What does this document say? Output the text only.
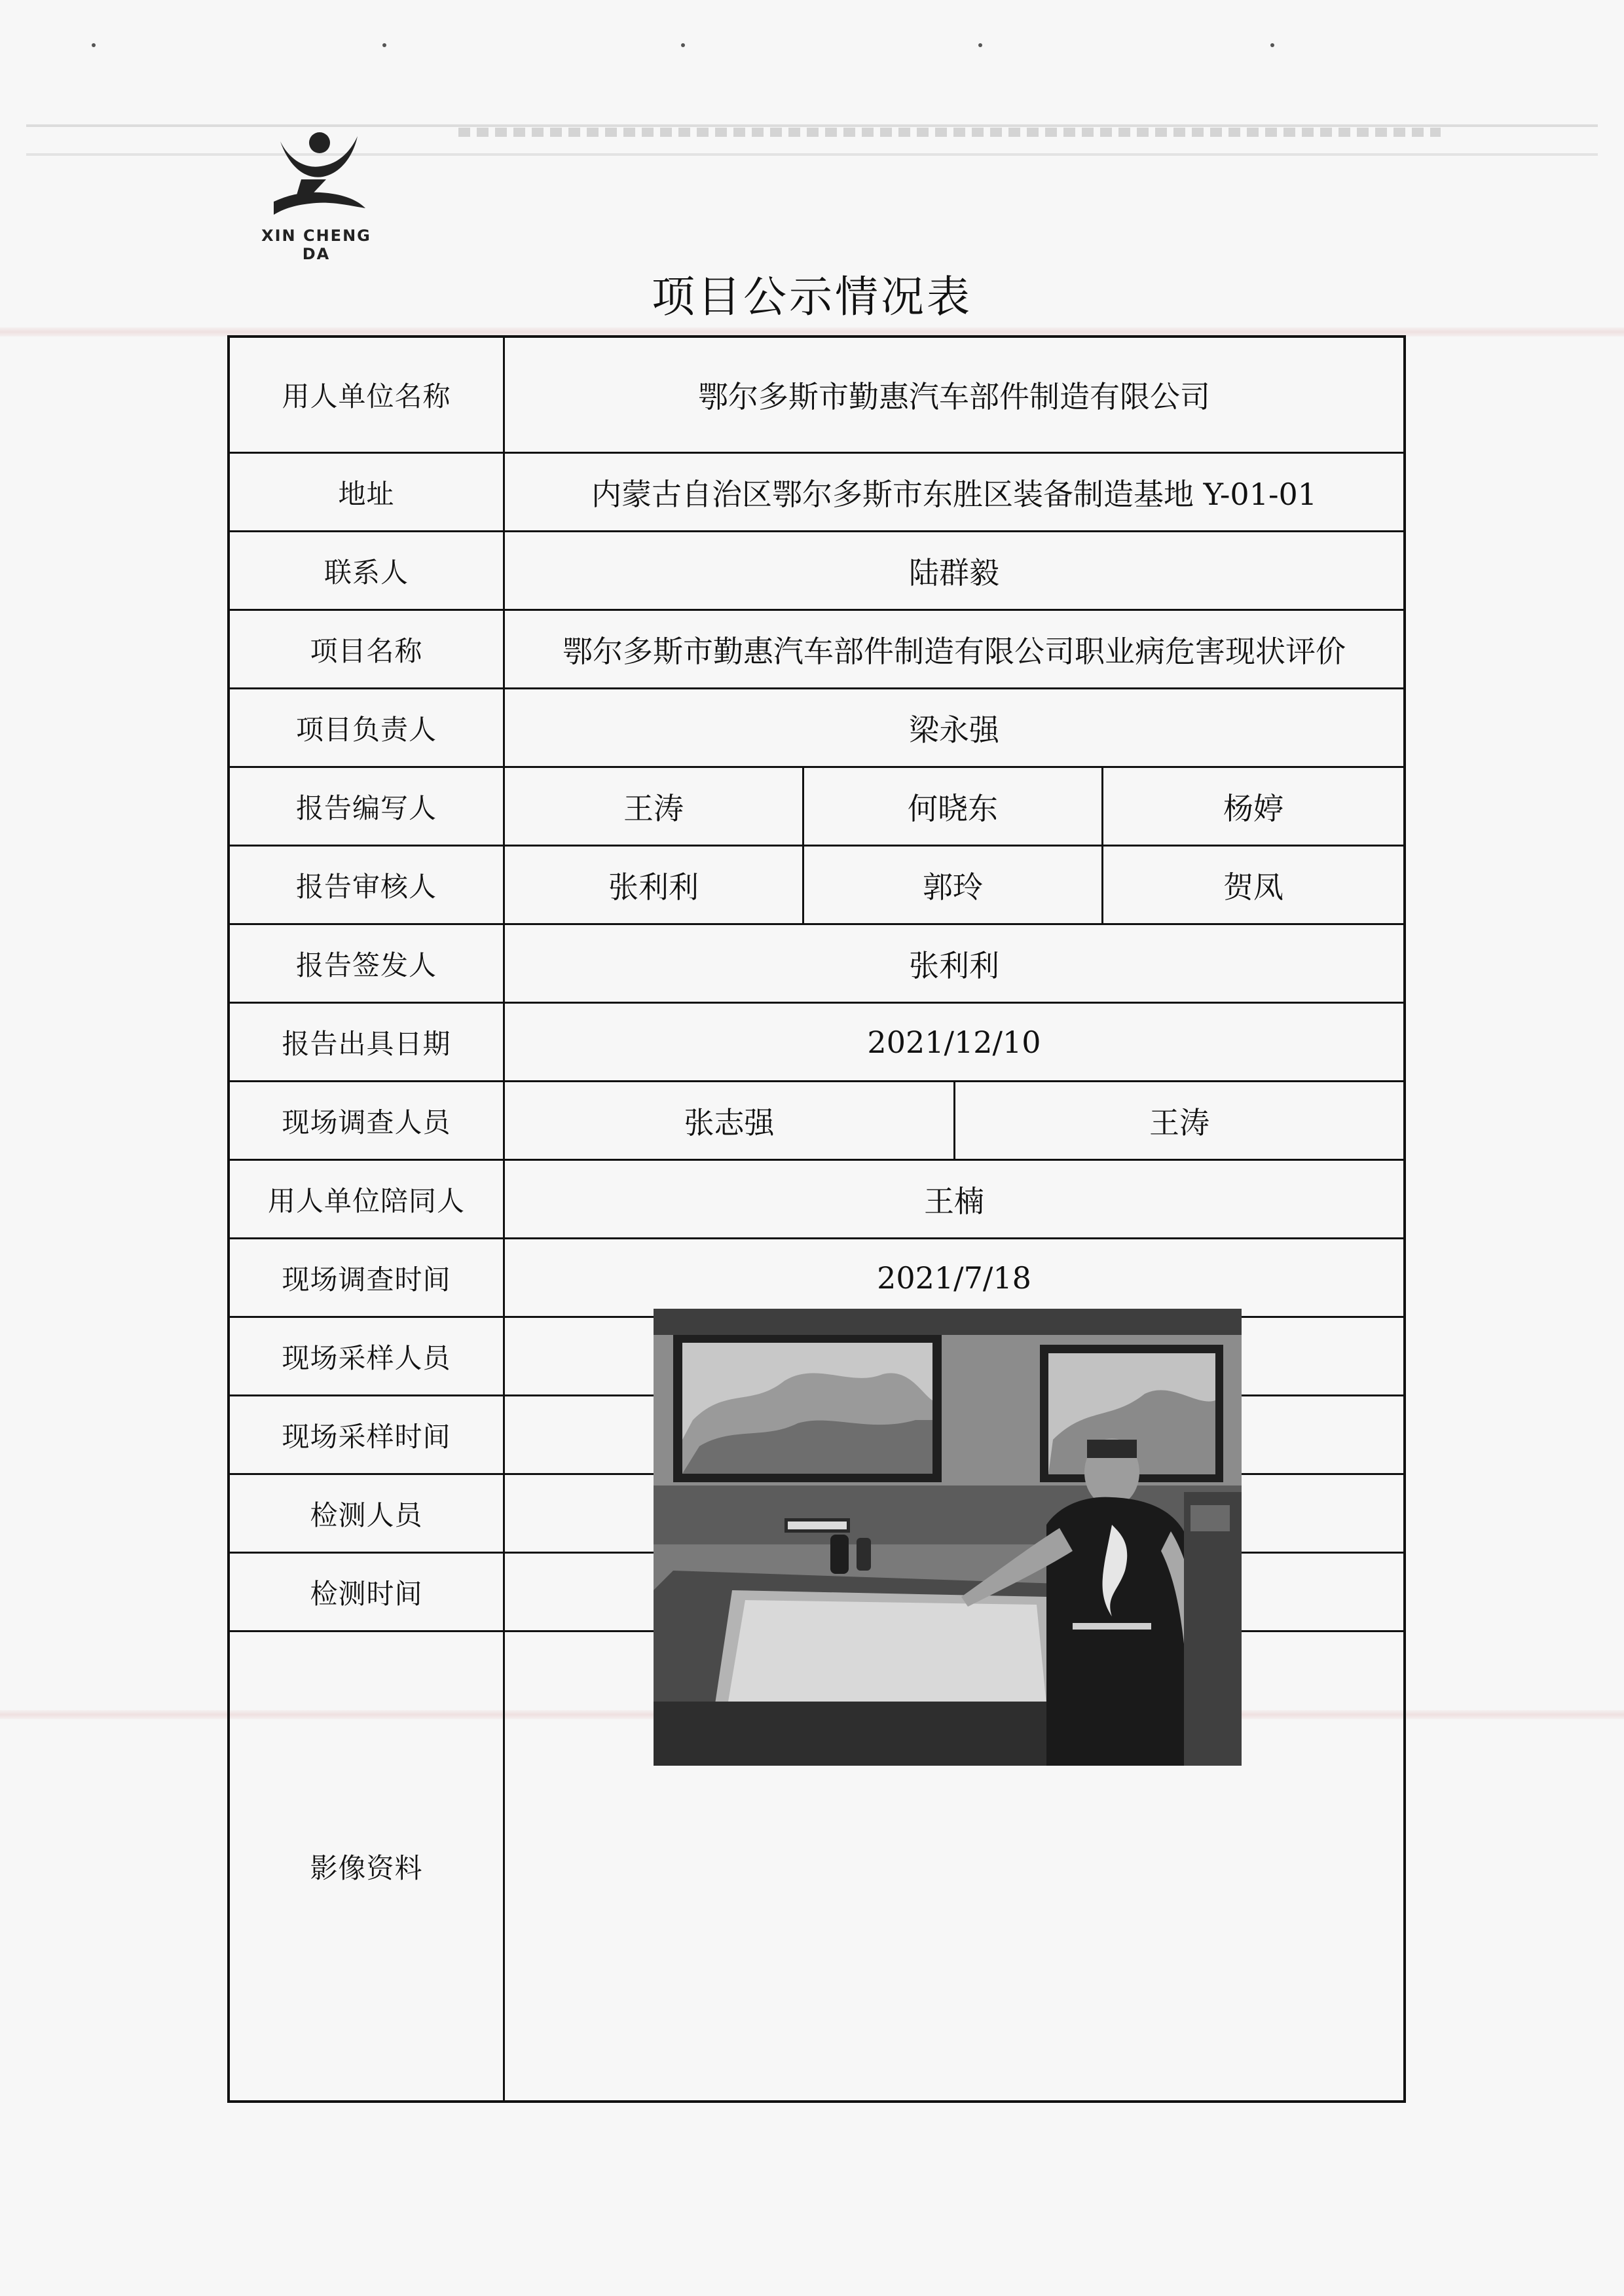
XIN CHENG DA
项目公示情况表
用人单位名称	鄂尔多斯市勤惠汽车部件制造有限公司
地址	内蒙古自治区鄂尔多斯市东胜区装备制造基地 Y-01-01
联系人	陆群毅
项目名称	鄂尔多斯市勤惠汽车部件制造有限公司职业病危害现状评价
项目负责人	梁永强
报告编写人	王涛	何晓东	杨婷
报告审核人	张利利	郭玲	贺凤
报告签发人	张利利
报告出具日期	2021/12/10
现场调查人员	张志强	王涛
用人单位陪同人	王楠
现场调查时间	2021/7/18
现场采样人员
现场采样时间
检测人员
检测时间
影像资料
